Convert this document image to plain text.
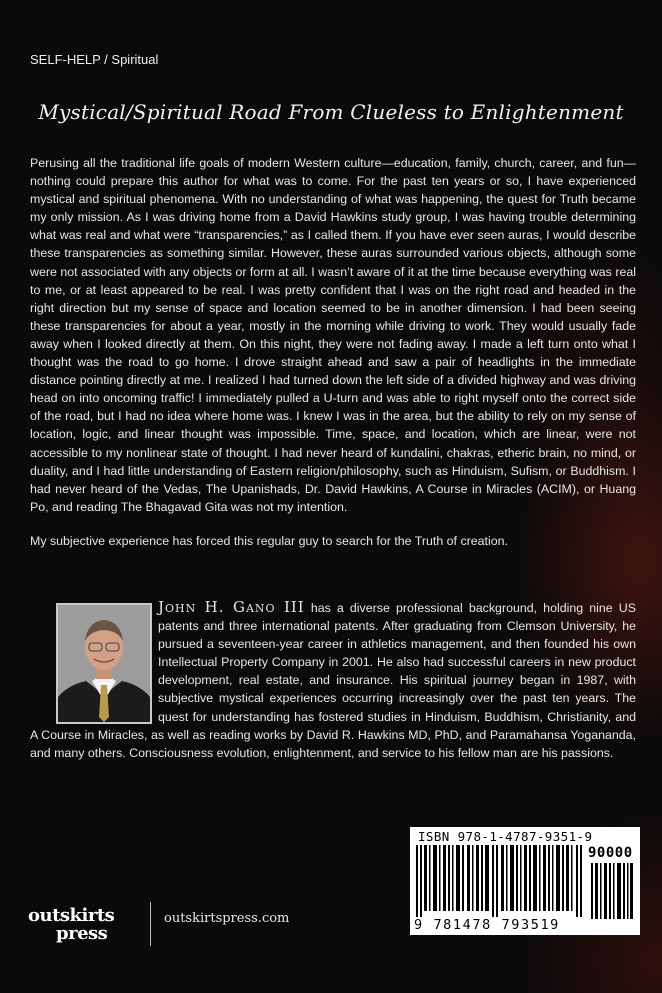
SELF-HELP / Spiritual
Mystical/Spiritual Road From Clueless to Enlightenment

Perusing all the traditional life goals of modern Western culture—education, family, church, career, and fun—nothing could prepare this author for what was to come. For the past ten years or so, I have experienced mystical and spiritual phenomena. With no understanding of what was happening, the quest for Truth became my only mission. As I was driving home from a David Hawkins study group, I was having trouble determining what was real and what were “transparencies,” as I called them. If you have ever seen auras, I would describe these transparencies as something similar. However, these auras surrounded various objects, although some were not associated with any objects or form at all. I wasn’t aware of it at the time because everything was real to me, or at least appeared to be real. I was pretty confident that I was on the right road and headed in the right direction but my sense of space and location seemed to be in another dimension. I had been seeing these transparencies for about a year, mostly in the morning while driving to work. They would usually fade away when I looked directly at them. On this night, they were not fading away. I made a left turn onto what I thought was the road to go home. I drove straight ahead and saw a pair of headlights in the immediate distance pointing directly at me. I realized I had turned down the left side of a divided highway and was driving head on into oncoming traffic! I immediately pulled a U-turn and was able to right myself onto the correct side of the road, but I had no idea where home was. I knew I was in the area, but the ability to rely on my sense of location, logic, and linear thought was impossible. Time, space, and location, which are linear, were not accessible to my nonlinear state of thought. I had never heard of kundalini, chakras, etheric brain, no mind, or duality, and I had little understanding of Eastern religion/philosophy, such as Hinduism, Sufism, or Buddhism. I had never heard of the Vedas, The Upanishads, Dr. David Hawkins, A Course in Miracles (ACIM), or Huang Po, and reading The Bhagavad Gita was not my intention.

My subjective experience has forced this regular guy to search for the Truth of creation.

John H. Gano III has a diverse professional background, holding nine US patents and three international patents. After graduating from Clemson University, he pursued a seventeen-year career in athletics management, and then founded his own Intellectual Property Company in 2001. He also had successful careers in new product development, real estate, and insurance. His spiritual journey began in 1987, with subjective mystical experiences occurring increasingly over the past ten years. The quest for understanding has fostered studies in Hinduism, Buddhism, Christianity, and A Course in Miracles, as well as reading works by David R. Hawkins MD, PhD, and Paramahansa Yogananda, and many others. Consciousness evolution, enlightenment, and service to his fellow man are his passions.
ISBN 978-1-4787-9351-9
90000
9 781478 793519
outskirts
press
outskirtspress.com
